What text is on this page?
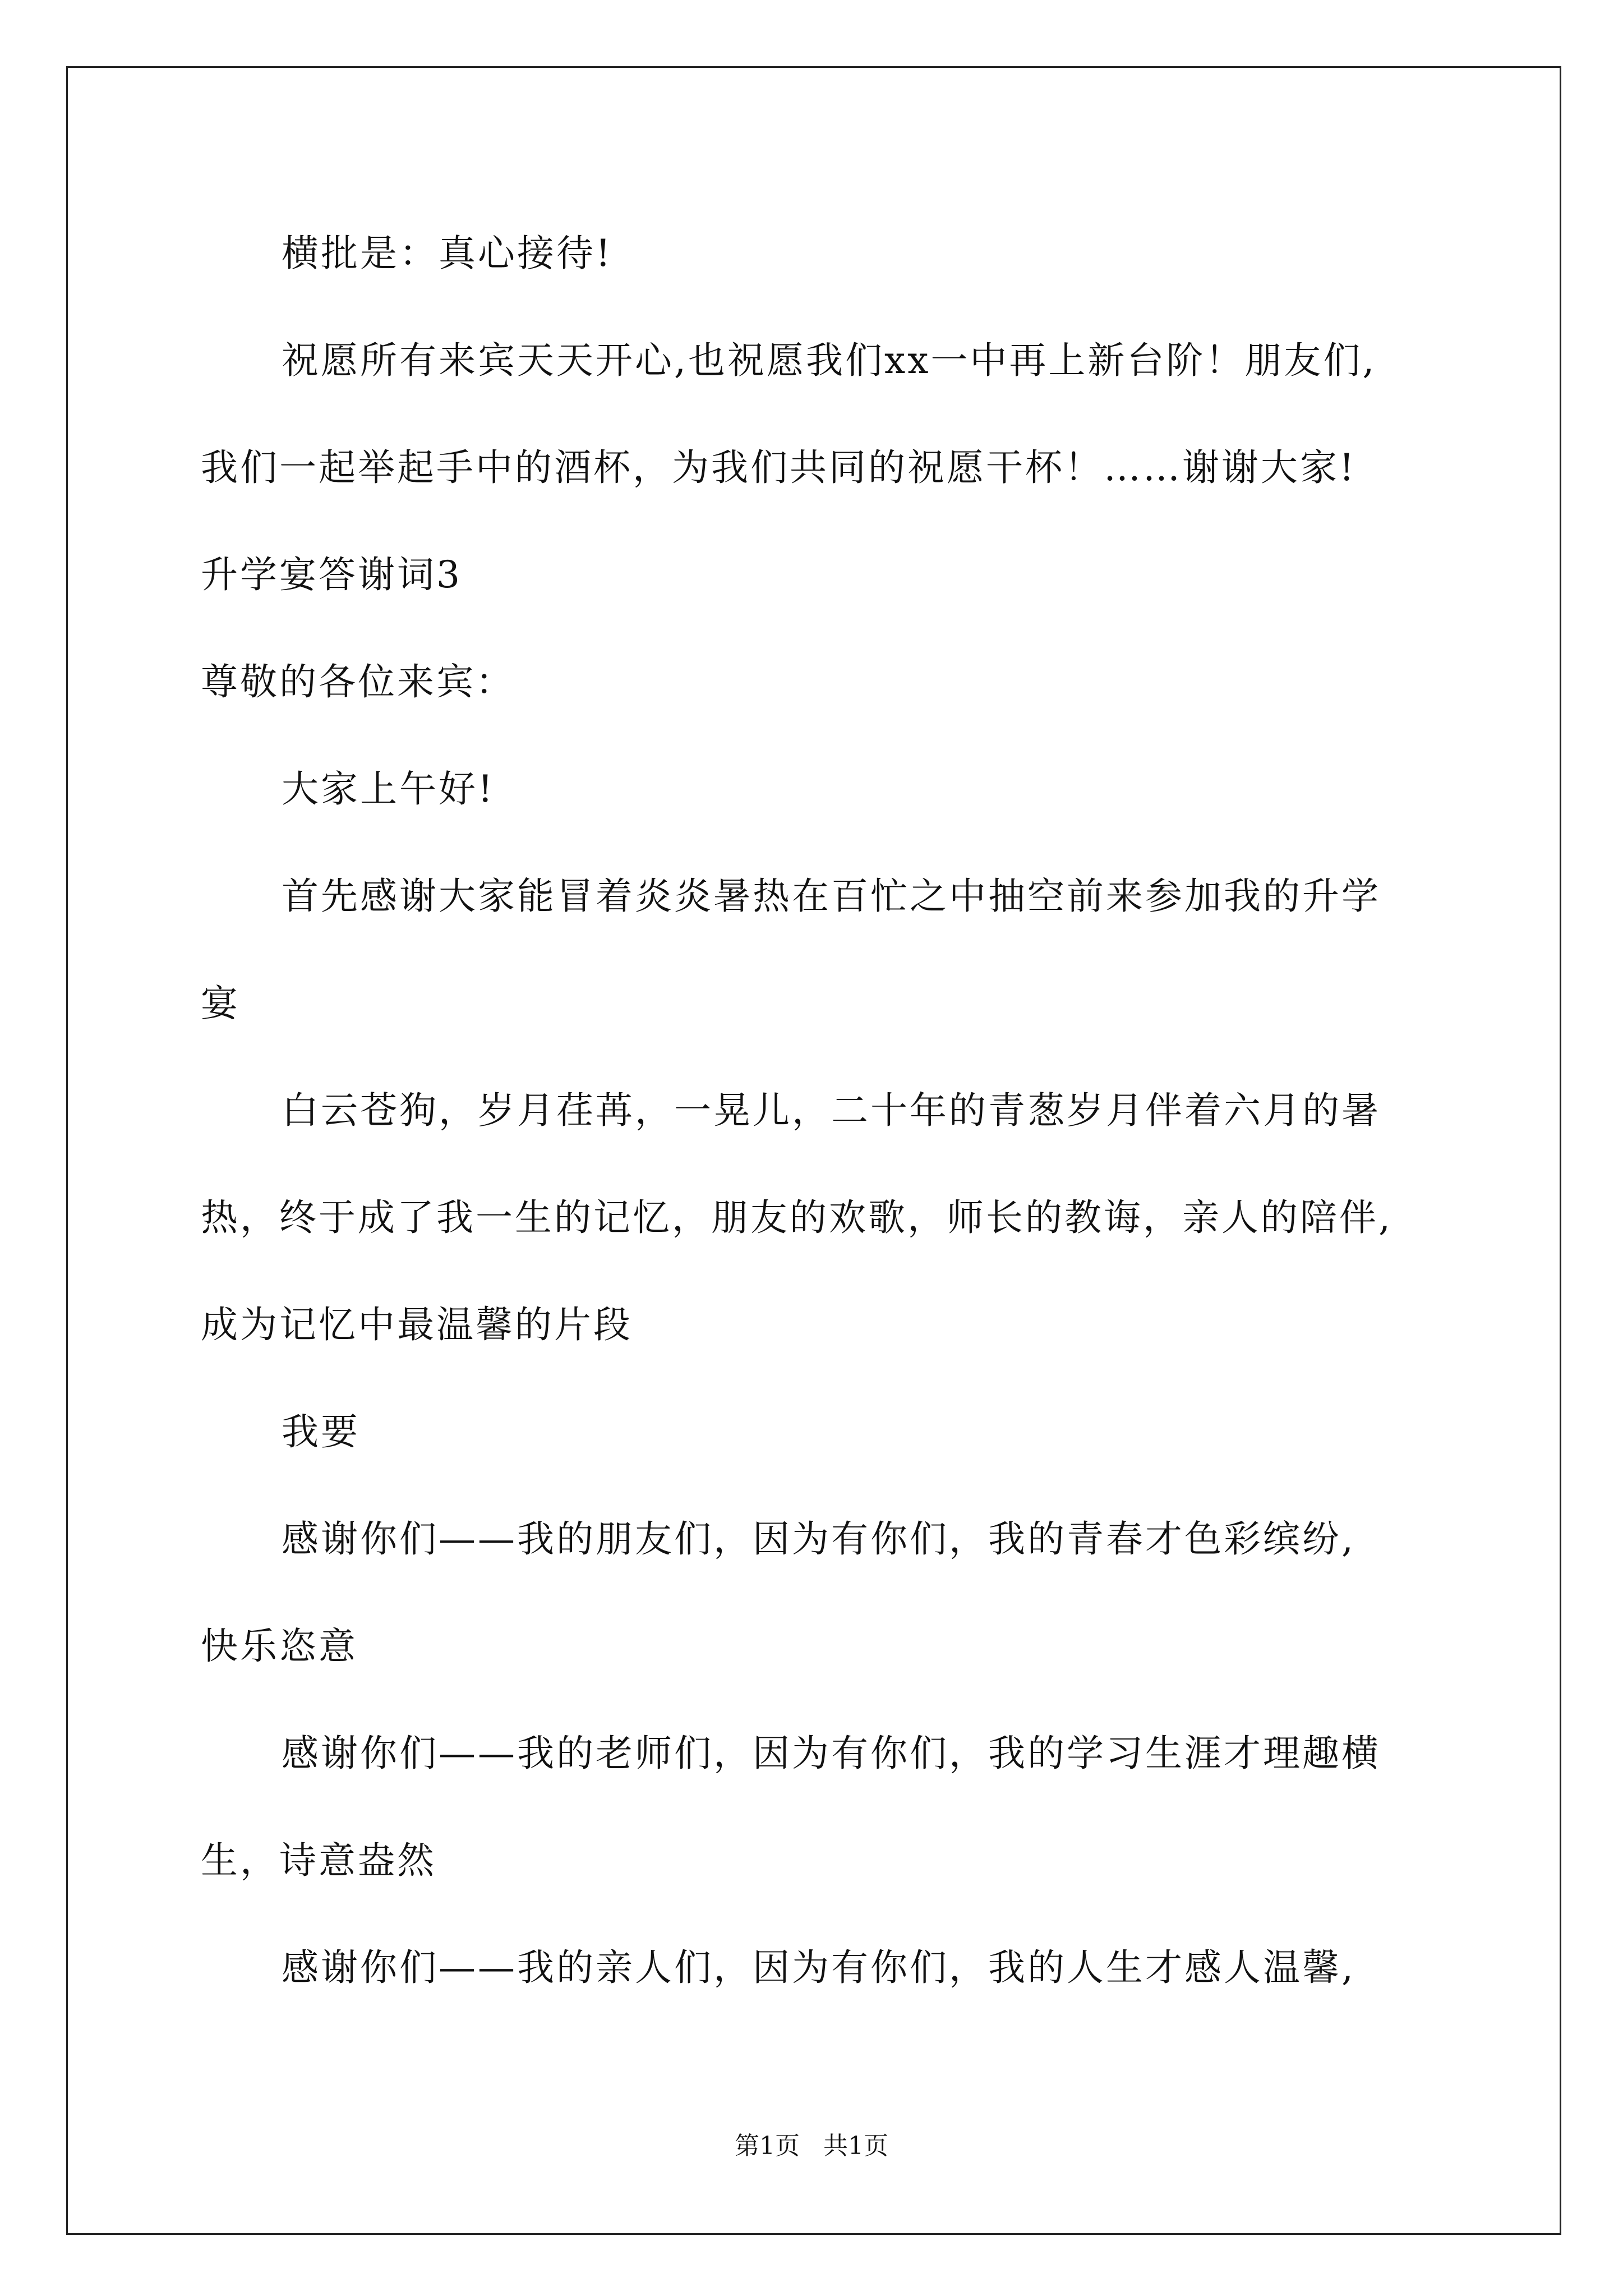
横批是：真心接待!
祝愿所有来宾天天开心,也祝愿我们xx一中再上新台阶！朋友们,
我们一起举起手中的酒杯，为我们共同的祝愿干杯！……谢谢大家!
升学宴答谢词3
尊敬的各位来宾：
大家上午好!
首先感谢大家能冒着炎炎暑热在百忙之中抽空前来参加我的升学
宴
白云苍狗，岁月荏苒，一晃儿，二十年的青葱岁月伴着六月的暑
热，终于成了我一生的记忆，朋友的欢歌，师长的教诲，亲人的陪伴,
成为记忆中最温馨的片段
我要
感谢你们——我的朋友们，因为有你们，我的青春才色彩缤纷,
快乐恣意
感谢你们——我的老师们，因为有你们，我的学习生涯才理趣横
生，诗意盎然
感谢你们——我的亲人们，因为有你们，我的人生才感人温馨,
第1页   共1页
